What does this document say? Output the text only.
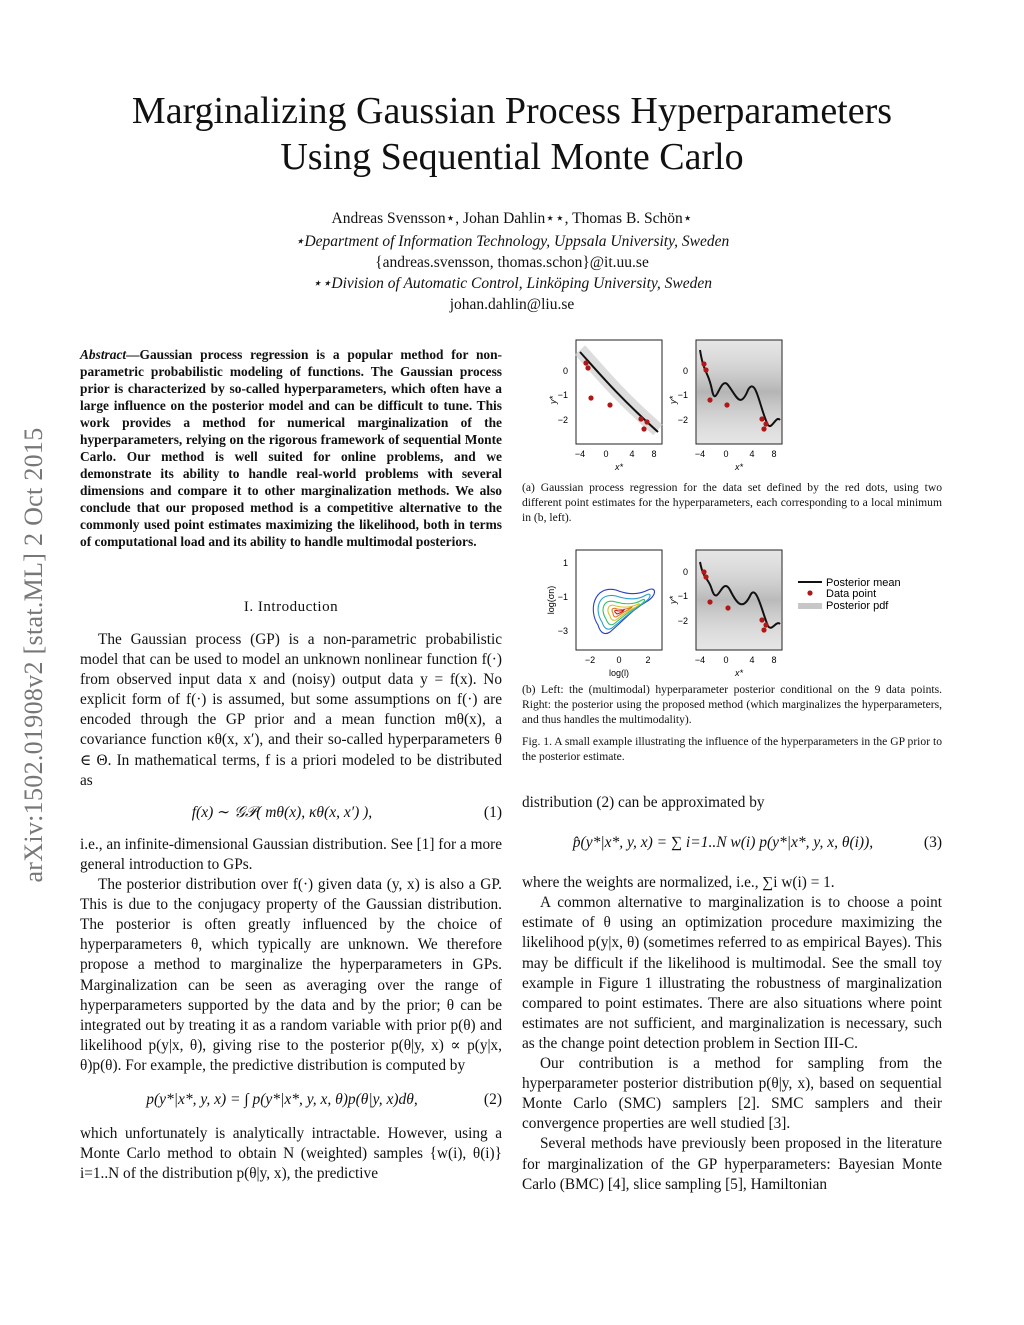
Marginalizing Gaussian Process Hyperparameters
Using Sequential Monte Carlo
Andreas Svensson⋆, Johan Dahlin⋆⋆, Thomas B. Schön⋆
⋆Department of Information Technology, Uppsala University, Sweden
{andreas.svensson, thomas.schon}@it.uu.se
⋆⋆Division of Automatic Control, Linköping University, Sweden
johan.dahlin@liu.se
arXiv:1502.01908v2 [stat.ML] 2 Oct 2015
Abstract—Gaussian process regression is a popular method for non-parametric probabilistic modeling of functions. The Gaussian process prior is characterized by so-called hyperparameters, which often have a large influence on the posterior model and can be difficult to tune. This work provides a method for numerical marginalization of the hyperparameters, relying on the rigorous framework of sequential Monte Carlo. Our method is well suited for online problems, and we demonstrate its ability to handle real-world problems with several dimensions and compare it to other marginalization methods. We also conclude that our proposed method is a competitive alternative to the commonly used point estimates maximizing the likelihood, both in terms of computational load and its ability to handle multimodal posteriors.
I. Introduction

The Gaussian process (GP) is a non-parametric probabilistic model that can be used to model an unknown nonlinear function f(·) from observed input data x and (noisy) output data y = f(x). No explicit form of f(·) is assumed, but some assumptions on f(·) are encoded through the GP prior and a mean function mθ(x), a covariance function κθ(x, x′), and their so-called hyperparameters θ ∈ Θ. In mathematical terms, f is a priori modeled to be distributed as

f(x) ∼ 𝒢𝒫( mθ(x), κθ(x, x′) ),	(1)

i.e., an infinite-dimensional Gaussian distribution. See [1] for a more general introduction to GPs.

The posterior distribution over f(·) given data (y, x) is also a GP. This is due to the conjugacy property of the Gaussian distribution. The posterior is often greatly influenced by the choice of hyperparameters θ, which typically are unknown. We therefore propose a method to marginalize the hyperparameters in GPs. Marginalization can be seen as averaging over the range of hyperparameters supported by the data and by the prior; θ can be integrated out by treating it as a random variable with prior p(θ) and likelihood p(y|x, θ), giving rise to the posterior p(θ|y, x) ∝ p(y|x, θ)p(θ). For example, the predictive distribution is computed by

p(y*|x*, y, x) = ∫ p(y*|x*, y, x, θ)p(θ|y, x)dθ,	(2)

which unfortunately is analytically intractable. However, using a Monte Carlo method to obtain N (weighted) samples {w(i), θ(i)} i=1..N of the distribution p(θ|y, x), the predictive

0
−1
−2
y*
−4 0 4 8
x*
0
−1
−2
y*
−4 0 4 8
x*
(a) Gaussian process regression for the data set defined by the red dots, using two different point estimates for the hyperparameters, each corresponding to a local minimum in (b, left).
1
−1
−3
log(σn)
−2 0	2
log(l)
0
−1
−2
y*
−4 0 4 8
x*
Posterior mean
Data point
Posterior pdf
(b) Left: the (multimodal) hyperparameter posterior conditional on the 9 data points. Right: the posterior using the proposed method (which marginalizes the hyperparameters, and thus handles the multimodality).
Fig. 1. A small example illustrating the influence of the hyperparameters in the GP prior to the posterior estimate.

distribution (2) can be approximated by

p̂(y*|x*, y, x) = ∑ i=1..N w(i) p(y*|x*, y, x, θ(i)),	(3)

where the weights are normalized, i.e., ∑i w(i) = 1.

A common alternative to marginalization is to choose a point estimate of θ using an optimization procedure maximizing the likelihood p(y|x, θ) (sometimes referred to as empirical Bayes). This may be difficult if the likelihood is multimodal. See the small toy example in Figure 1 illustrating the robustness of marginalization compared to point estimates. There are also situations where point estimates are not sufficient, and marginalization is necessary, such as the change point detection problem in Section III-C.

Our contribution is a method for sampling from the hyperparameter posterior distribution p(θ|y, x), based on sequential Monte Carlo (SMC) samplers [2]. SMC samplers and their convergence properties are well studied [3].

Several methods have previously been proposed in the literature for marginalization of the GP hyperparameters: Bayesian Monte Carlo (BMC) [4], slice sampling [5], Hamiltonian
